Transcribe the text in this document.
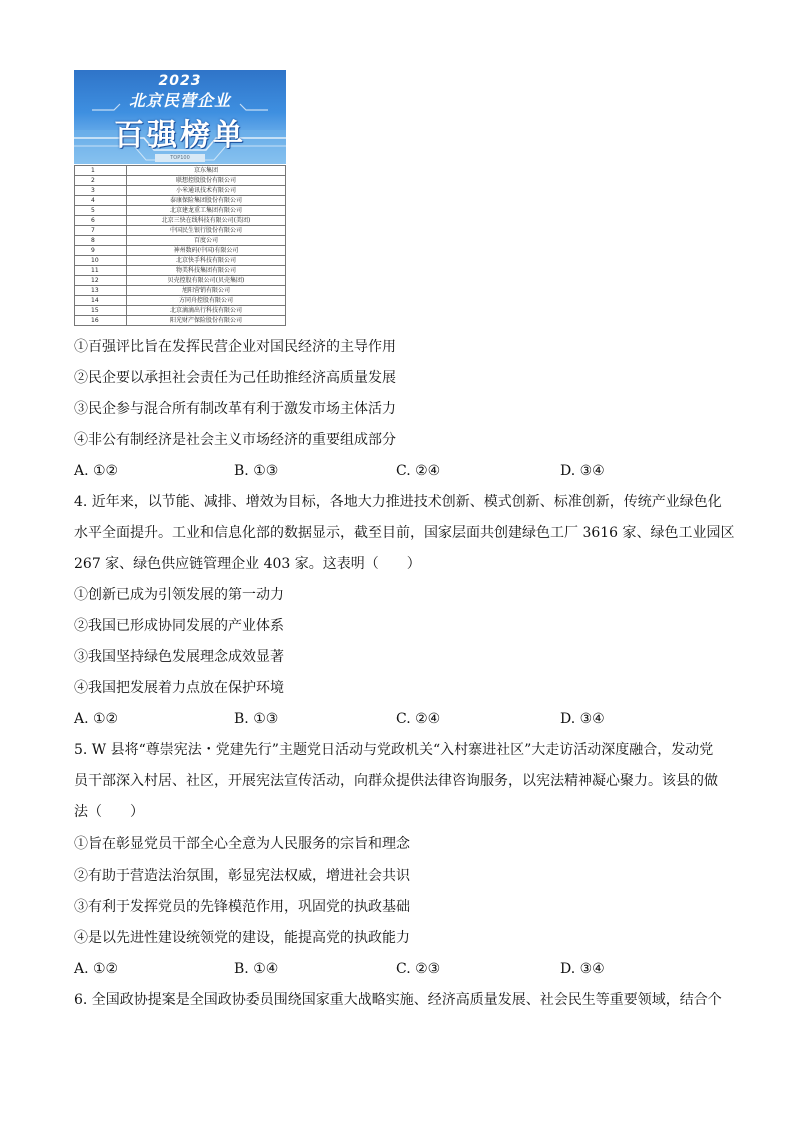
2023
北京民营企业
百强榜单
TOP100
1	京东集团
2	联想控股股份有限公司
3	小米通讯技术有限公司
4	泰康保险集团股份有限公司
5	北京建龙重工集团有限公司
6	北京三快在线科技有限公司(美团)
7	中国民生银行股份有限公司
8	百度公司
9	神州数码(中国)有限公司
10	北京快手科技有限公司
11	物美科技集团有限公司
12	贝壳控股有限公司(贝壳集团)
13	旭阳营销有限公司
14	方同舟控股有限公司
15	北京滴滴出行科技有限公司
16	阳光财产保险股份有限公司
①百强评比旨在发挥民营企业对国民经济的主导作用
②民企要以承担社会责任为己任助推经济高质量发展
③民企参与混合所有制改革有利于激发市场主体活力
④非公有制经济是社会主义市场经济的重要组成部分
A. ①②	B. ①③	C. ②④	D. ③④
4. 近年来，以节能、减排、增效为目标，各地大力推进技术创新、模式创新、标准创新，传统产业绿色化
水平全面提升。工业和信息化部的数据显示，截至目前，国家层面共创建绿色工厂 3616 家、绿色工业园区
267 家、绿色供应链管理企业 403 家。这表明（　　）
①创新已成为引领发展的第一动力
②我国已形成协同发展的产业体系
③我国坚持绿色发展理念成效显著
④我国把发展着力点放在保护环境
A. ①②	B. ①③	C. ②④	D. ③④
5. W 县将“尊崇宪法・党建先行”主题党日活动与党政机关“入村寨进社区”大走访活动深度融合，发动党
员干部深入村居、社区，开展宪法宣传活动，向群众提供法律咨询服务，以宪法精神凝心聚力。该县的做
法（　　）
①旨在彰显党员干部全心全意为人民服务的宗旨和理念
②有助于营造法治氛围，彰显宪法权威，增进社会共识
③有利于发挥党员的先锋模范作用，巩固党的执政基础
④是以先进性建设统领党的建设，能提高党的执政能力
A. ①②	B. ①④	C. ②③	D. ③④
6. 全国政协提案是全国政协委员围绕国家重大战略实施、经济高质量发展、社会民生等重要领域，结合个
